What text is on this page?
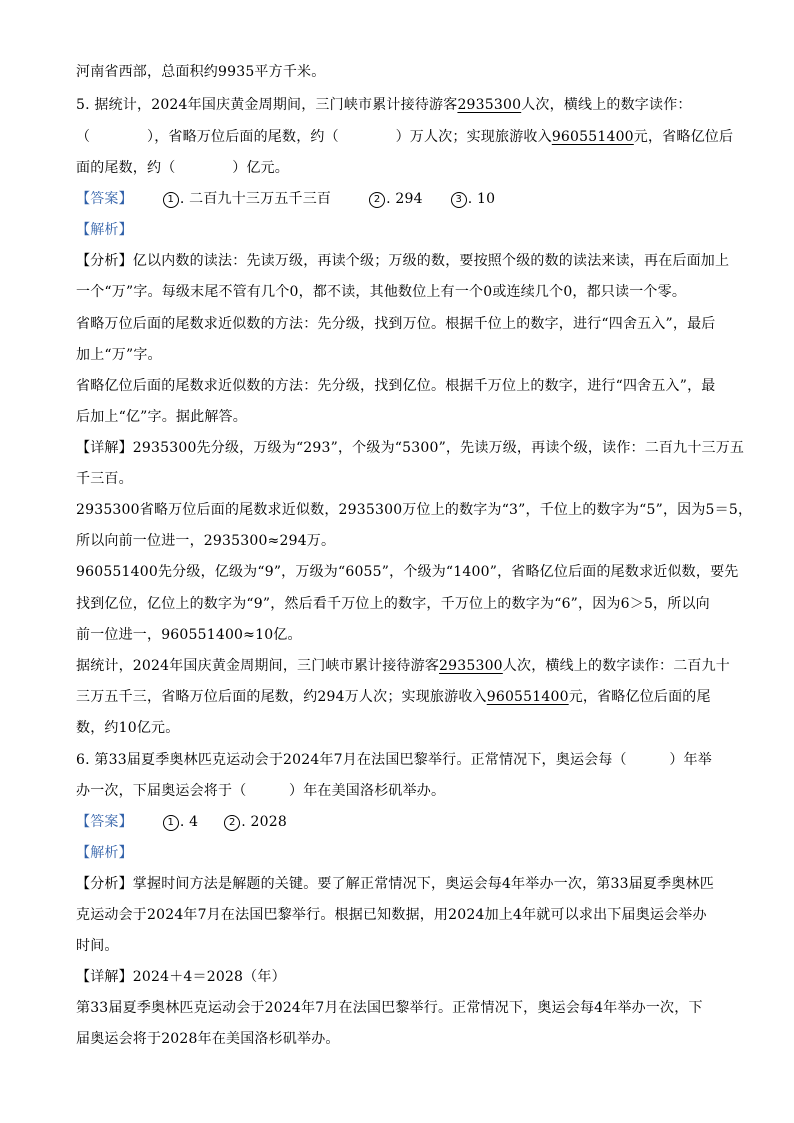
河南省西部，总面积约9935平方千米。
5. 据统计，2024年国庆黄金周期间，三门峡市累计接待游客2935300人次，横线上的数字读作：
（　　　　），省略万位后面的尾数，约（　　　　）万人次；实现旅游收入960551400元，省略亿位后
面的尾数，约（　　　　）亿元。
【答案】	1 . 二百九十三万五千三百	2 . 294	3 . 10
【解析】
【分析】亿以内数的读法：先读万级，再读个级；万级的数，要按照个级的数的读法来读，再在后面加上
一个“万”字。每级末尾不管有几个0，都不读，其他数位上有一个0或连续几个0，都只读一个零。
省略万位后面的尾数求近似数的方法：先分级，找到万位。根据千位上的数字，进行“四舍五入”，最后
加上“万”字。
省略亿位后面的尾数求近似数的方法：先分级，找到亿位。根据千万位上的数字，进行“四舍五入”，最
后加上“亿”字。据此解答。
【详解】2935300先分级，万级为“293”，个级为“5300”，先读万级，再读个级，读作：二百九十三万五
千三百。
2935300省略万位后面的尾数求近似数，2935300万位上的数字为“3”，千位上的数字为“5”，因为5＝5，
所以向前一位进一，2935300≈294万。
960551400先分级，亿级为“9”，万级为“6055”，个级为“1400”，省略亿位后面的尾数求近似数，要先
找到亿位，亿位上的数字为“9”，然后看千万位上的数字，千万位上的数字为“6”，因为6＞5，所以向
前一位进一，960551400≈10亿。
据统计，2024年国庆黄金周期间，三门峡市累计接待游客2935300人次，横线上的数字读作：二百九十
三万五千三，省略万位后面的尾数，约294万人次；实现旅游收入960551400元，省略亿位后面的尾
数，约10亿元。
6. 第33届夏季奥林匹克运动会于2024年7月在法国巴黎举行。正常情况下，奥运会每（　　　）年举
办一次，下届奥运会将于（　　　）年在美国洛杉矶举办。
【答案】	1 . 4	2 . 2028
【解析】
【分析】掌握时间方法是解题的关键。要了解正常情况下，奥运会每4年举办一次，第33届夏季奥林匹
克运动会于2024年7月在法国巴黎举行。根据已知数据，用2024加上4年就可以求出下届奥运会举办
时间。
【详解】2024＋4＝2028（年）
第33届夏季奥林匹克运动会于2024年7月在法国巴黎举行。正常情况下，奥运会每4年举办一次，下
届奥运会将于2028年在美国洛杉矶举办。
